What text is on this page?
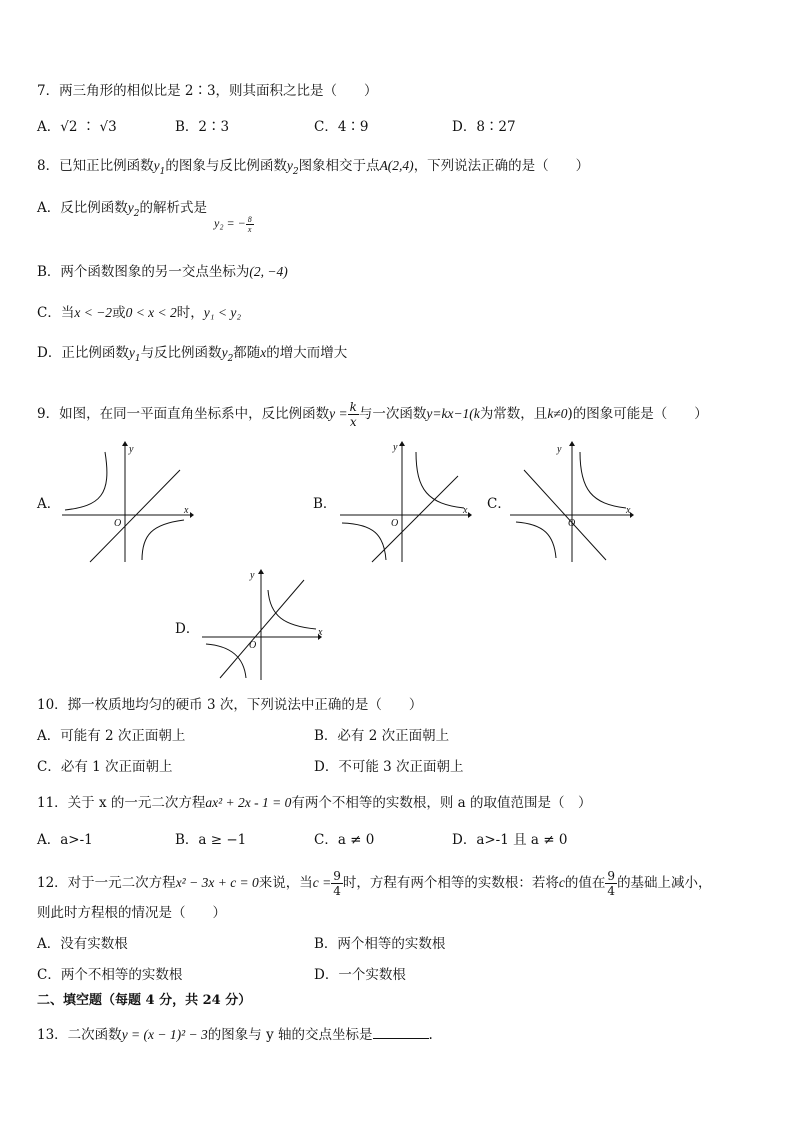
7．两三角形的相似比是 2∶3，则其面积之比是（　　）
A．√2 ∶ √3	B．2∶3	C．4∶9	D．8∶27
8．已知正比例函数$y_1$的图象与反比例函数$y_2$图象相交于点A(2,4)，下列说法正确的是（　　）
A．反比例函数$y_2$的解析式是
y₂ = − $\frac{8}{x}$
B．两个函数图象的另一交点坐标为(2, −4)
C．当x < −2或0 < x < 2时，y₁ < y₂
D．正比例函数$y_1$与反比例函数$y_2$都随x的增大而增大
9．如图，在同一平面直角坐标系中，反比例函数$y = \frac{k}{x}$ 与一次函数y=kx−1(k为常数，且k≠0)的图象可能是（　　）
A．	B．	C．
D．
x
y
O
x
y
O
x
y
O
x
y
O
10．掷一枚质地均匀的硬币 3 次，下列说法中正确的是（　　）
A．可能有 2 次正面朝上	B．必有 2 次正面朝上
C．必有 1 次正面朝上	D．不可能 3 次正面朝上
11．关于 x 的一元二次方程ax² + 2x - 1 = 0有两个不相等的实数根，则 a 的取值范围是（　）
A．a>-1	B．a ≥ −1	C．a ≠ 0	D．a>-1 且 a ≠ 0
12．对于一元二次方程x² − 3x + c = 0来说，当$c = \frac{9}{4}$ 时，方程有两个相等的实数根：若将c的值在 $\frac{9}{4}$ 的基础上减小，
则此时方程根的情况是（　　）
A．没有实数根	B．两个相等的实数根
C．两个不相等的实数根	D．一个实数根
二、填空题（每题 4 分，共 24 分）
13．二次函数y = (x − 1)² − 3的图象与 y 轴的交点坐标是	.
